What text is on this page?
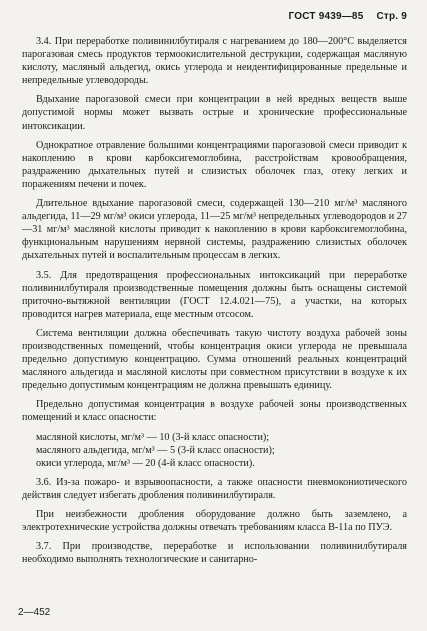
ГОСТ 9439—85 Стр. 9

3.4. При переработке поливинилбутираля с нагреванием до 180—200°С выделяется парогазовая смесь продуктов термоокислительной деструкции, содержащая масляную кислоту, масляный альдегид, окись углерода и неидентифицированные предельные и непредельные углеводороды.

Вдыхание парогазовой смеси при концентрации в ней вредных веществ выше допустимой нормы может вызвать острые и хронические профессиональные интоксикации.

Однократное отравление большими концентрациями парогазовой смеси приводит к накоплению в крови карбоксигемоглобина, расстройствам кровообращения, раздражению дыхательных путей и слизистых оболочек глаз, отеку легких и поражениям печени и почек.

Длительное вдыхание парогазовой смеси, содержащей 130—210 мг/м³ масляного альдегида, 11—29 мг/м³ окиси углерода, 11—25 мг/м³ непредельных углеводородов и 27—31 мг/м³ масляной кислоты приводит к накоплению в крови карбоксигемоглобина, функциональным нарушениям нервной системы, раздражению слизистых оболочек дыхательных путей и воспалительным процессам в легких.

3.5. Для предотвращения профессиональных интоксикаций при переработке поливинилбутираля производственные помещения должны быть оснащены системой приточно-вытяжной вентиляции (ГОСТ 12.4.021—75), а участки, на которых проводится нагрев материала, еще местным отсосом.

Система вентиляции должна обеспечивать такую чистоту воздуха рабочей зоны производственных помещений, чтобы концентрация окиси углерода не превышала предельно допустимую концентрацию. Сумма отношений реальных концентраций масляного альдегида и масляной кислоты при совместном присутствии в воздухе к их предельно допустимым концентрациям не должна превышать единицу.

Предельно допустимая концентрация в воздухе рабочей зоны производственных помещений и класс опасности:

масляной кислоты, мг/м³ — 10 (3-й класс опасности);
масляного альдегида, мг/м³ — 5 (3-й класс опасности);
окиси углерода, мг/м³ — 20 (4-й класс опасности).

3.6. Из-за пожаро- и взрывоопасности, а также опасности пневмокониотического действия следует избегать дробления поливинилбутираля.

При неизбежности дробления оборудование должно быть заземлено, а электротехнические устройства должны отвечать требованиям класса В-11а по ПУЭ.

3.7. При производстве, переработке и использовании поливинилбутираля необходимо выполнять технологические и санитарно-

2—452
